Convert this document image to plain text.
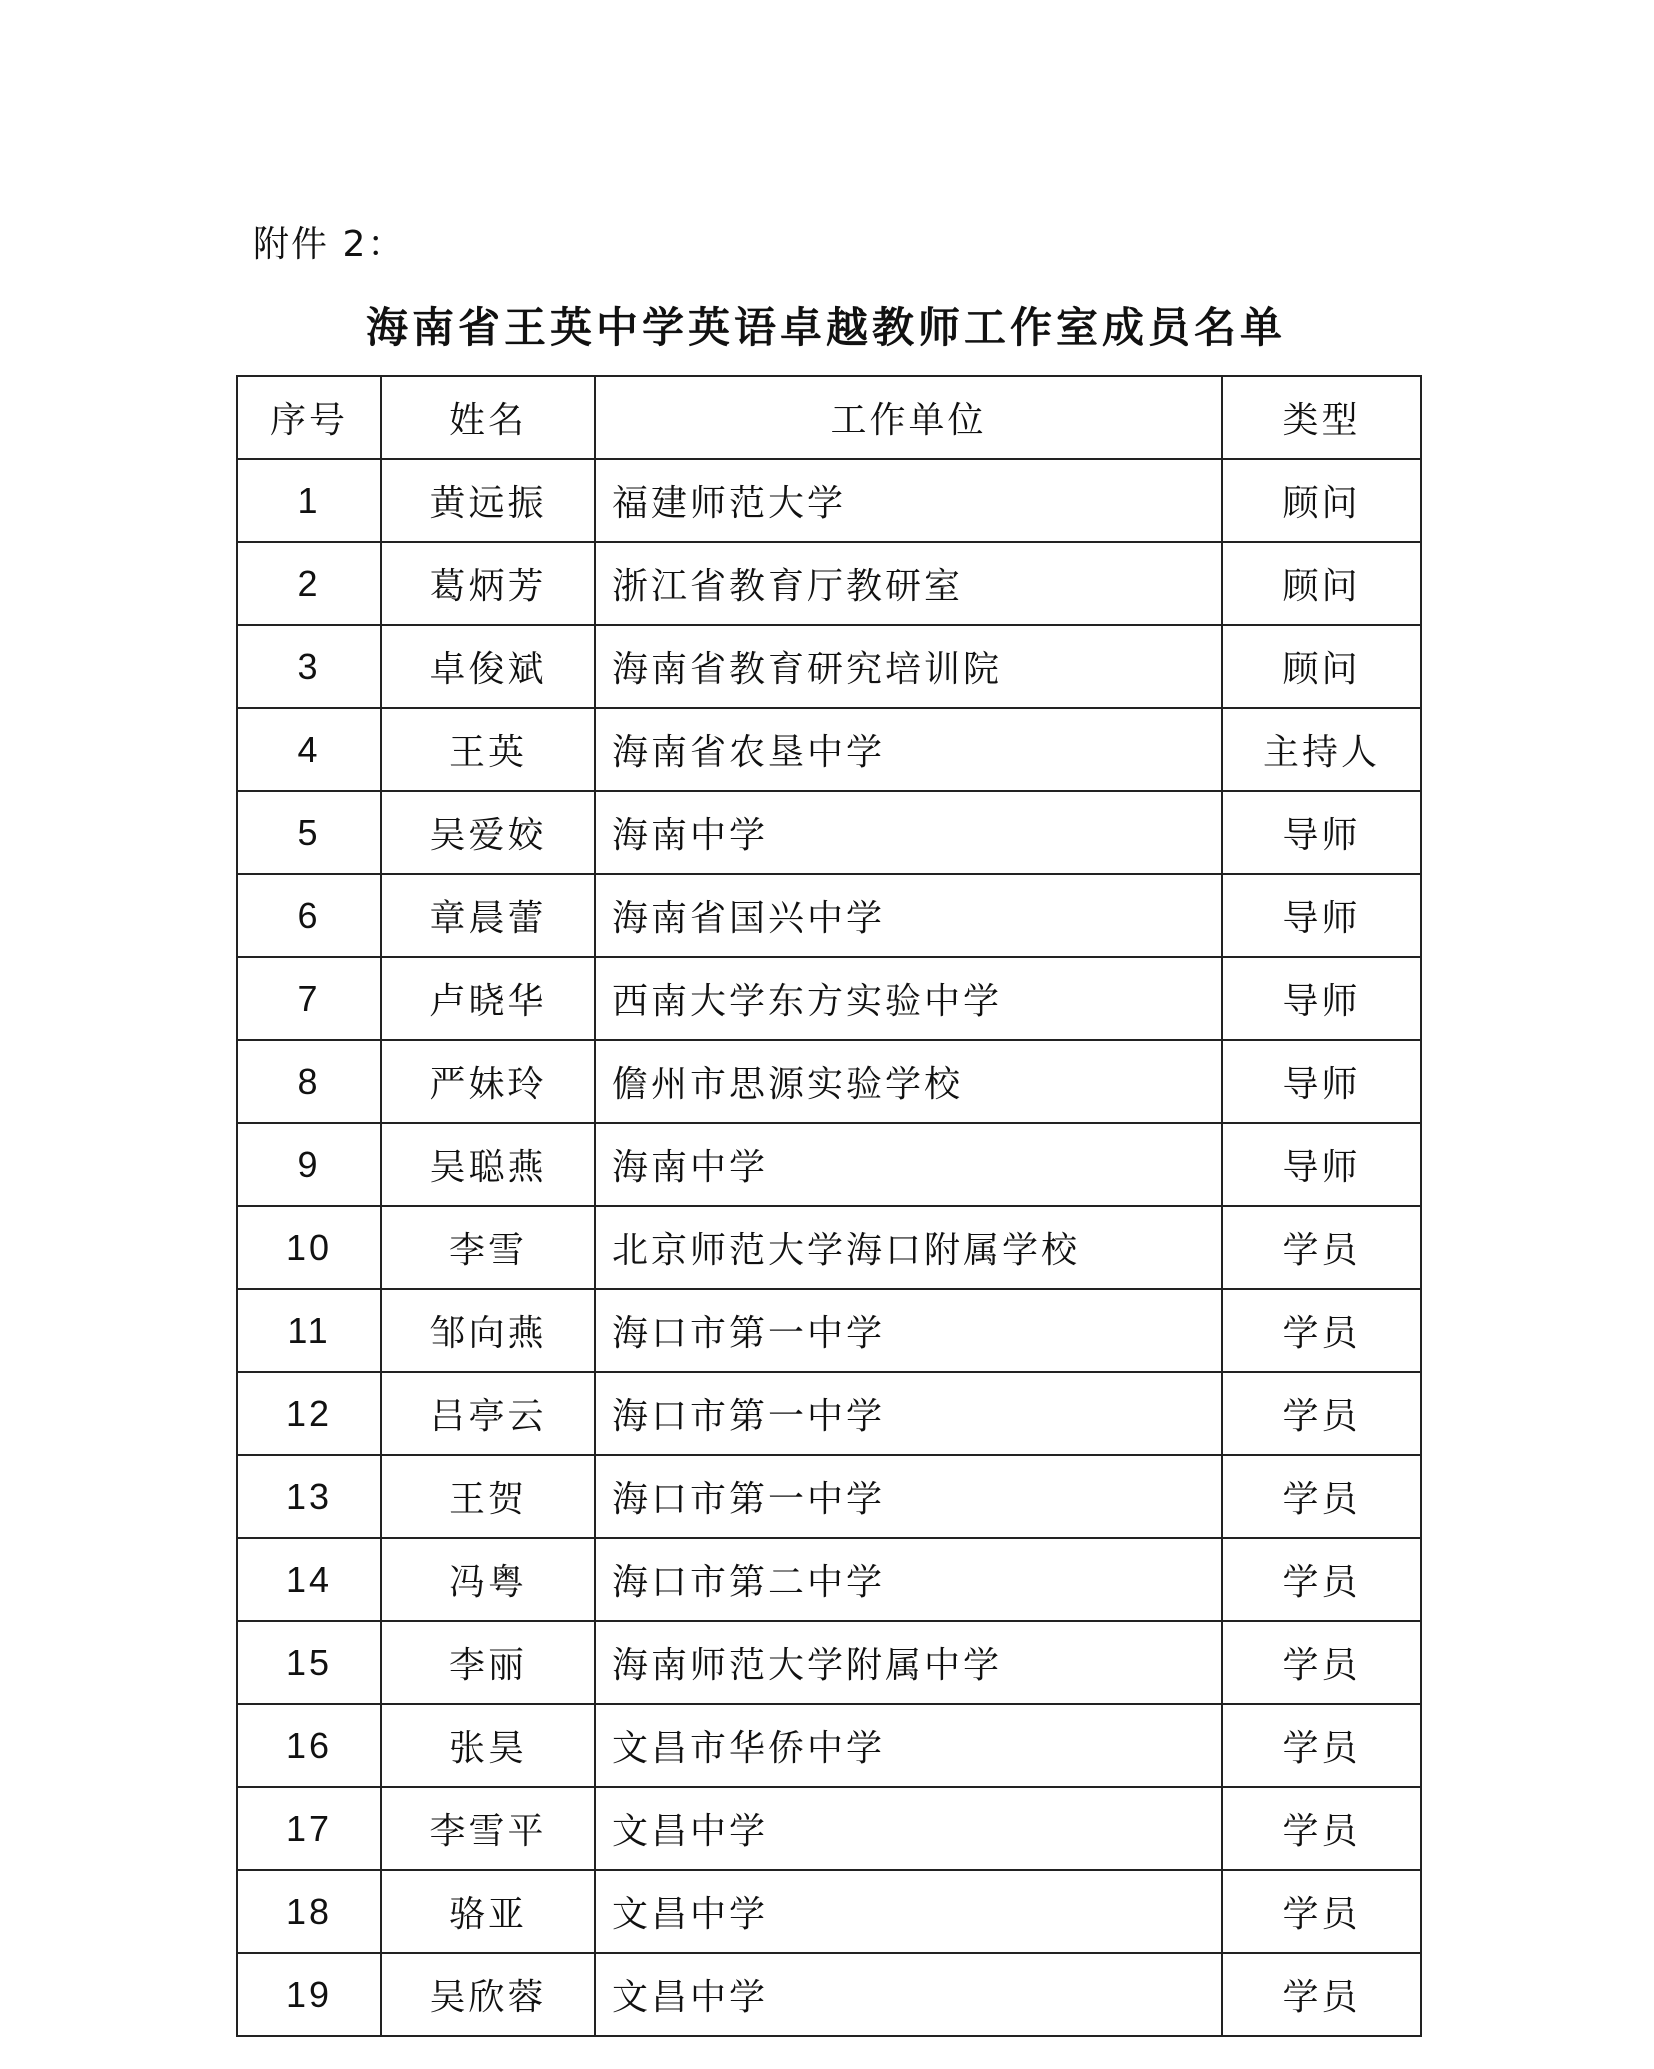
附件 2：
海南省王英中学英语卓越教师工作室成员名单
序号	姓名	工作单位	类型
1	黄远振	福建师范大学	顾问
2	葛炳芳	浙江省教育厅教研室	顾问
3	卓俊斌	海南省教育研究培训院	顾问
4	王英	海南省农垦中学	主持人
5	吴爱姣	海南中学	导师
6	章晨蕾	海南省国兴中学	导师
7	卢晓华	西南大学东方实验中学	导师
8	严妹玲	儋州市思源实验学校	导师
9	吴聪燕	海南中学	导师
10	李雪	北京师范大学海口附属学校	学员
11	邹向燕	海口市第一中学	学员
12	吕亭云	海口市第一中学	学员
13	王贺	海口市第一中学	学员
14	冯粤	海口市第二中学	学员
15	李丽	海南师范大学附属中学	学员
16	张昊	文昌市华侨中学	学员
17	李雪平	文昌中学	学员
18	骆亚	文昌中学	学员
19	吴欣蓉	文昌中学	学员
